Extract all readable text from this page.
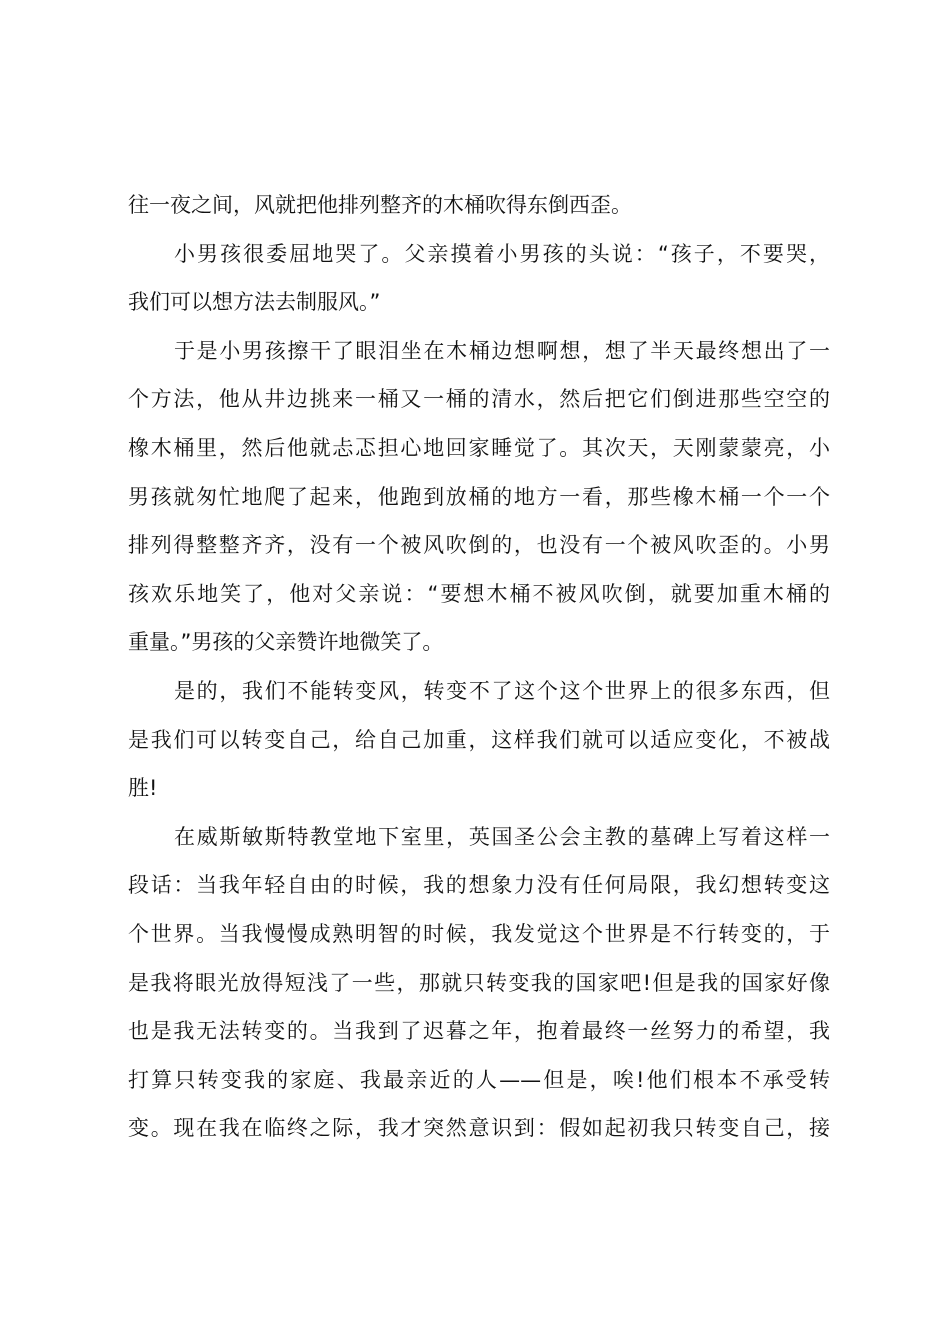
往一夜之间，风就把他排列整齐的木桶吹得东倒西歪。
小男孩很委屈地哭了。父亲摸着小男孩的头说：“孩子，不要哭，
我们可以想方法去制服风。”
于是小男孩擦干了眼泪坐在木桶边想啊想，想了半天最终想出了一
个方法，他从井边挑来一桶又一桶的清水，然后把它们倒进那些空空的
橡木桶里，然后他就忐忑担心地回家睡觉了。其次天，天刚蒙蒙亮，小
男孩就匆忙地爬了起来，他跑到放桶的地方一看，那些橡木桶一个一个
排列得整整齐齐，没有一个被风吹倒的，也没有一个被风吹歪的。小男
孩欢乐地笑了，他对父亲说：“要想木桶不被风吹倒，就要加重木桶的
重量。”男孩的父亲赞许地微笑了。
是的，我们不能转变风，转变不了这个这个世界上的很多东西，但
是我们可以转变自己，给自己加重，这样我们就可以适应变化，不被战
胜!
在威斯敏斯特教堂地下室里，英国圣公会主教的墓碑上写着这样一
段话：当我年轻自由的时候，我的想象力没有任何局限，我幻想转变这
个世界。当我慢慢成熟明智的时候，我发觉这个世界是不行转变的，于
是我将眼光放得短浅了一些，那就只转变我的国家吧!但是我的国家好像
也是我无法转变的。当我到了迟暮之年，抱着最终一丝努力的希望，我
打算只转变我的家庭、我最亲近的人——但是，唉!他们根本不承受转
变。现在我在临终之际，我才突然意识到：假如起初我只转变自己，接
